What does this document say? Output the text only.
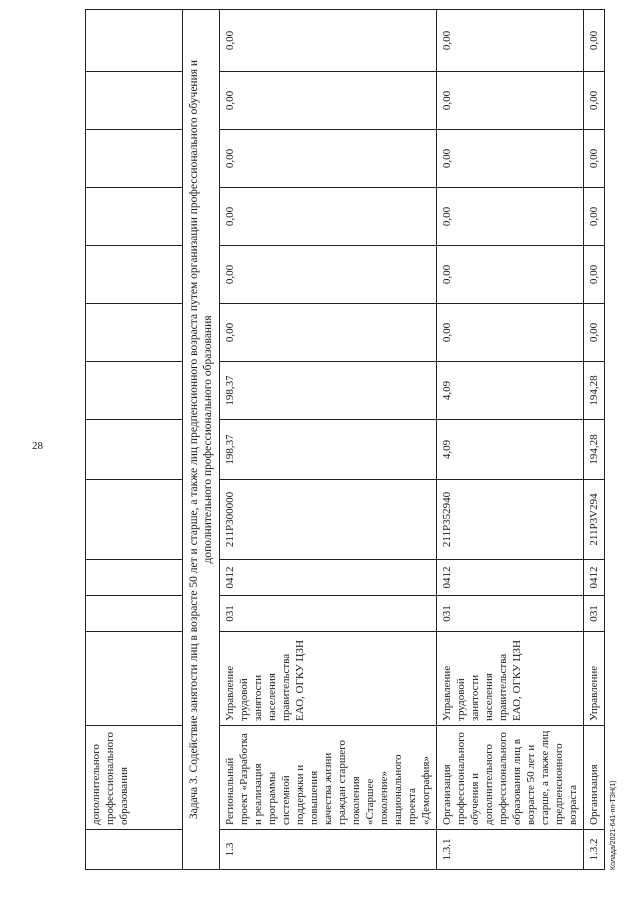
28
Колада/2021-641-пп-ТЗН(1)
	дополнительного профессионального образования												
Задача 3. Содействие занятости лиц в возрасте 50 лет и старше, а также лиц предпенсионного возраста путем организации профессионального обучения и дополнительного профессионального образования													
1.3	Региональный проект «Разработка и реализация программы системной поддержки и повышения качества жизни граждан старшего поколения «Старшее поколение» национального проекта «Демография»	Управление трудовой занятости населения правительства ЕАО, ОГКУ ЦЗН	031	0412	211P300000	198,37	198,37	0,00	0,00	0,00	0,00	0,00	0,00
1.3.1	Организация профессионального обучения и дополнительного профессионального образования лиц в возрасте 50 лет и старше, а также лиц предпенсионного возраста	Управление трудовой занятости населения правительства ЕАО, ОГКУ ЦЗН	031	0412	211P352940	4,09	4,09	0,00	0,00	0,00	0,00	0,00	0,00
1.3.2	Организация	Управление	031	0412	211P3V294	194,28	194,28	0,00	0,00	0,00	0,00	0,00	0,00
